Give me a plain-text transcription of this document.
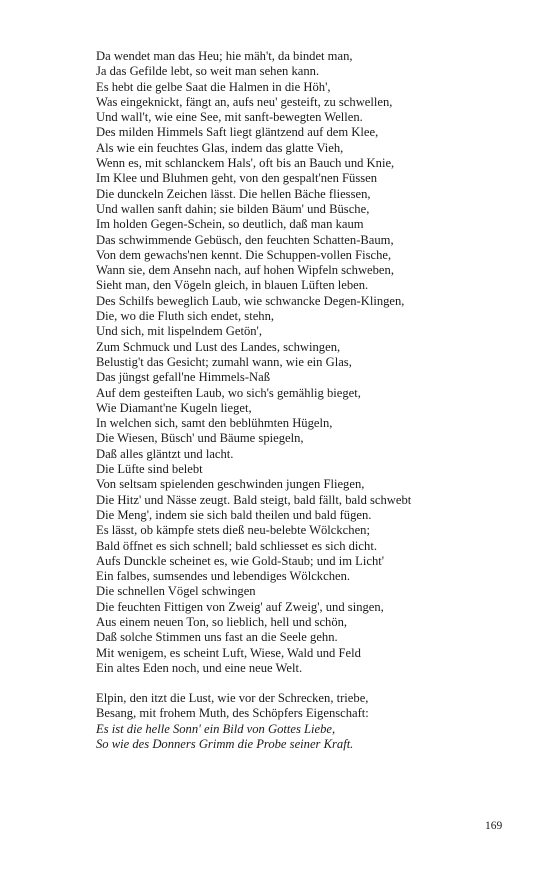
Da wendet man das Heu; hie mäh't, da bindet man,
Ja das Gefilde lebt, so weit man sehen kann.
Es hebt die gelbe Saat die Halmen in die Höh',
Was eingeknickt, fängt an, aufs neu' gesteift, zu schwellen,
Und wall't, wie eine See, mit sanft-bewegten Wellen.
Des milden Himmels Saft liegt gläntzend auf dem Klee,
Als wie ein feuchtes Glas, indem das glatte Vieh,
Wenn es, mit schlanckem Hals', oft bis an Bauch und Knie,
Im Klee und Bluhmen geht, von den gespalt'nen Füssen
Die dunckeln Zeichen lässt. Die hellen Bäche fliessen,
Und wallen sanft dahin; sie bilden Bäum' und Büsche,
Im holden Gegen-Schein, so deutlich, daß man kaum
Das schwimmende Gebüsch, den feuchten Schatten-Baum,
Von dem gewachs'nen kennt. Die Schuppen-vollen Fische,
Wann sie, dem Ansehn nach, auf hohen Wipfeln schweben,
Sieht man, den Vögeln gleich, in blauen Lüften leben.
Des Schilfs beweglich Laub, wie schwancke Degen-Klingen,
Die, wo die Fluth sich endet, stehn,
Und sich, mit lispelndem Getön',
Zum Schmuck und Lust des Landes, schwingen,
Belustig't das Gesicht; zumahl wann, wie ein Glas,
Das jüngst gefall'ne Himmels-Naß
Auf dem gesteiften Laub, wo sich's gemählig bieget,
Wie Diamant'ne Kugeln lieget,
In welchen sich, samt den beblühmten Hügeln,
Die Wiesen, Büsch' und Bäume spiegeln,
Daß alles gläntzt und lacht.
Die Lüfte sind belebt
Von seltsam spielenden geschwinden jungen Fliegen,
Die Hitz' und Nässe zeugt. Bald steigt, bald fällt, bald schwebt
Die Meng', indem sie sich bald theilen und bald fügen.
Es lässt, ob kämpfe stets dieß neu-belebte Wölckchen;
Bald öffnet es sich schnell; bald schliesset es sich dicht.
Aufs Dunckle scheinet es, wie Gold-Staub; und im Licht'
Ein falbes, sumsendes und lebendiges Wölckchen.
Die schnellen Vögel schwingen
Die feuchten Fittigen von Zweig' auf Zweig', und singen,
Aus einem neuen Ton, so lieblich, hell und schön,
Daß solche Stimmen uns fast an die Seele gehn.
Mit wenigem, es scheint Luft, Wiese, Wald und Feld
Ein altes Eden noch, und eine neue Welt.
Elpin, den itzt die Lust, wie vor der Schrecken, triebe,
Besang, mit frohem Muth, des Schöpfers Eigenschaft:
Es ist die helle Sonn' ein Bild von Gottes Liebe,
So wie des Donners Grimm die Probe seiner Kraft.
169
